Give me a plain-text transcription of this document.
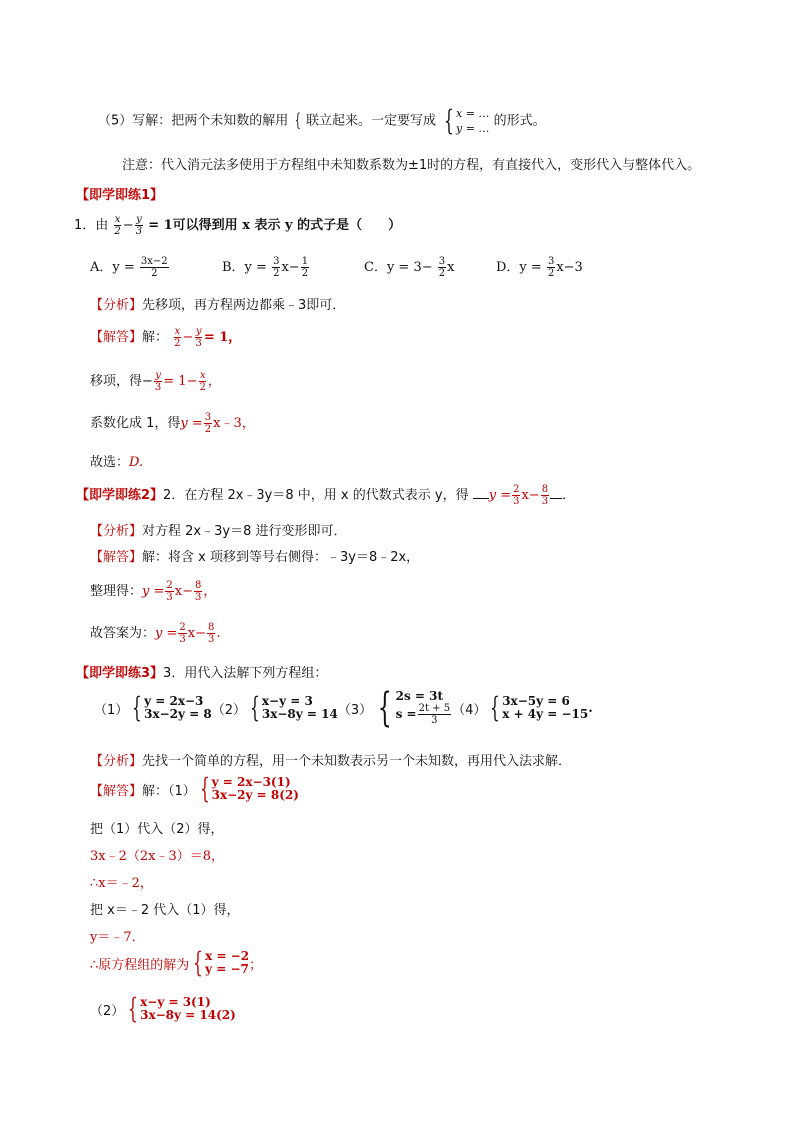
（5）写解：把两个未知数的解用 { 联立起来。一定要写成 { x = …
y = … 的形式。
注意：代入消元法多使用于方程组中未知数系数为±1时的方程，有直接代入，变形代入与整体代入。
【即学即练1】
1．由 $\frac{x}{2} - \frac{y}{3} = 1$可以得到用 x 表示 y 的式子是（　　）
A．$y = \frac{3x-2}{2}$	B．$y = \frac{3}{2} x- \frac{1}{2}$	C．$y = 3- \frac{3}{2}$ x	D．$y = \frac{3}{2} x-3$
【分析】先移项，再方程两边都乘﹣3即可．
【解答】解： $\frac{x}{2} - \frac{y}{3} = 1$，
移项，得− $\frac{y}{3} = 1- \frac{x}{2}$ ，
系数化成 1，得$y = \frac{3}{2}$ x﹣3，
故选：D.
【即学即练2】2．在方程 2x﹣3y＝8 中，用 x 的代数式表示 y，得 $y = \frac{2}{3} x- \frac{8}{3}$ ．
【分析】对方程 2x﹣3y＝8 进行变形即可．
【解答】解：将含 x 项移到等号右侧得：﹣3y＝8﹣2x，
整理得：$y = \frac{2}{3} x- \frac{8}{3}$ ，
故答案为：$y = \frac{2}{3} x- \frac{8}{3}$ .
【即学即练3】3．用代入法解下列方程组：
（1） { y = 2x−3
3x−2y = 8 （2） { x−y = 3
3x−8y = 14 （3） { 2s = 3t
$s = \frac{2t + 5}{3} (4)$ { 3x−5y = 6
x + 4y = −15 .
【分析】先找一个简单的方程，用一个未知数表示另一个未知数，再用代入法求解．
【解答】 解：（1） { y = 2x−3(1)
3x−2y = 8(2)
把（1）代入（2）得，
3x﹣2（2x﹣3）＝8，
∴x＝﹣2，
把 x＝﹣2 代入（1）得，
y＝﹣7．
∴原方程组的解为 { x = −2
y = −7 ；
（2） { x−y = 3(1)
3x−8y = 14(2)
